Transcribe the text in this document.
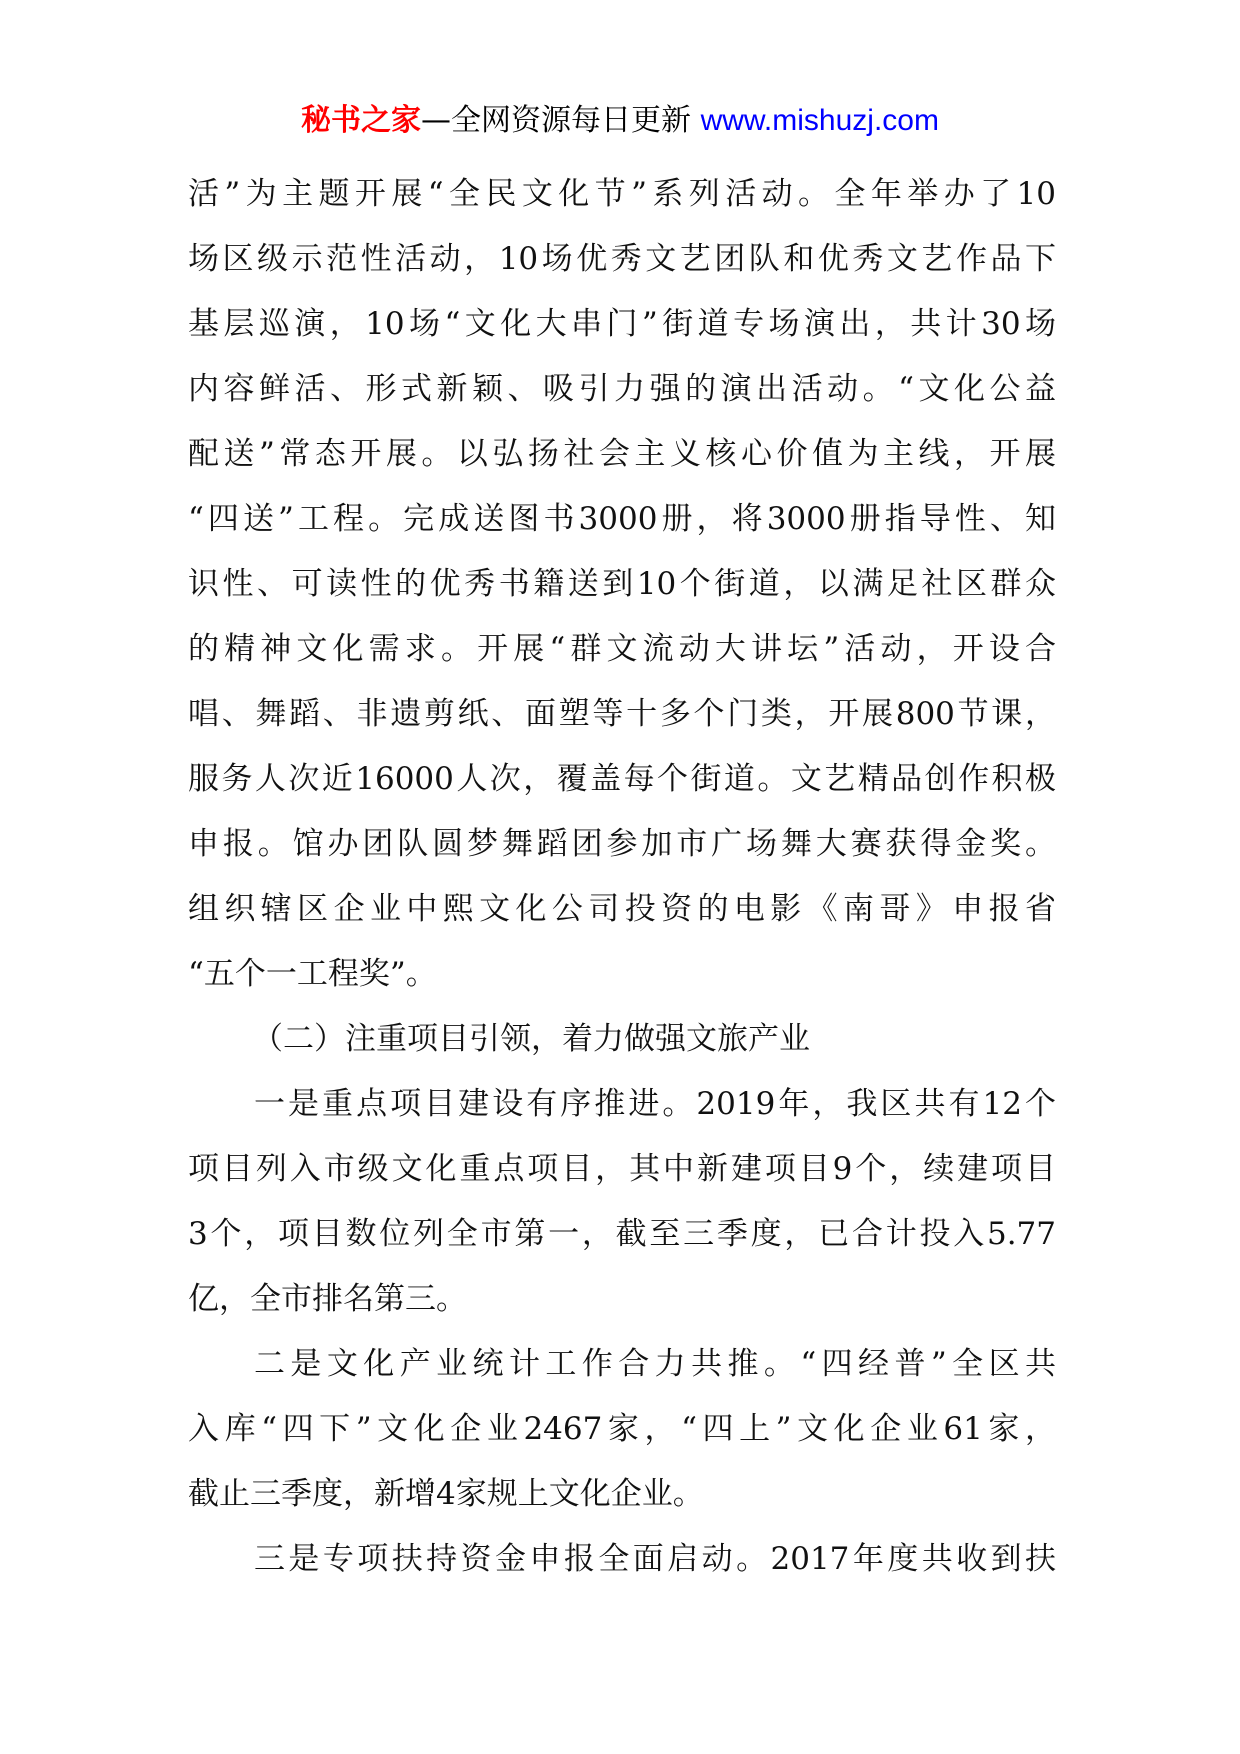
秘书之家—全网资源每日更新 www.mishuzj.com
活”为主题开展“全民文化节”系列活动。全年举办了10
场区级示范性活动，10场优秀文艺团队和优秀文艺作品下
基层巡演，10场“文化大串门”街道专场演出，共计30场
内容鲜活、形式新颖、吸引力强的演出活动。“文化公益
配送”常态开展。以弘扬社会主义核心价值为主线，开展
“四送”工程。完成送图书3000册，将3000册指导性、知
识性、可读性的优秀书籍送到10个街道，以满足社区群众
的精神文化需求。开展“群文流动大讲坛”活动，开设合
唱、舞蹈、非遗剪纸、面塑等十多个门类，开展800节课，
服务人次近16000人次，覆盖每个街道。文艺精品创作积极
申报。馆办团队圆梦舞蹈团参加市广场舞大赛获得金奖。
组织辖区企业中熙文化公司投资的电影《南哥》申报省
“五个一工程奖”。
（二）注重项目引领，着力做强文旅产业
一是重点项目建设有序推进。2019年，我区共有12个
项目列入市级文化重点项目，其中新建项目9个，续建项目
3个，项目数位列全市第一，截至三季度，已合计投入5.77
亿，全市排名第三。
二是文化产业统计工作合力共推。“四经普”全区共
入库“四下”文化企业2467家，“四上”文化企业61家，
截止三季度，新增4家规上文化企业。
三是专项扶持资金申报全面启动。2017年度共收到扶
